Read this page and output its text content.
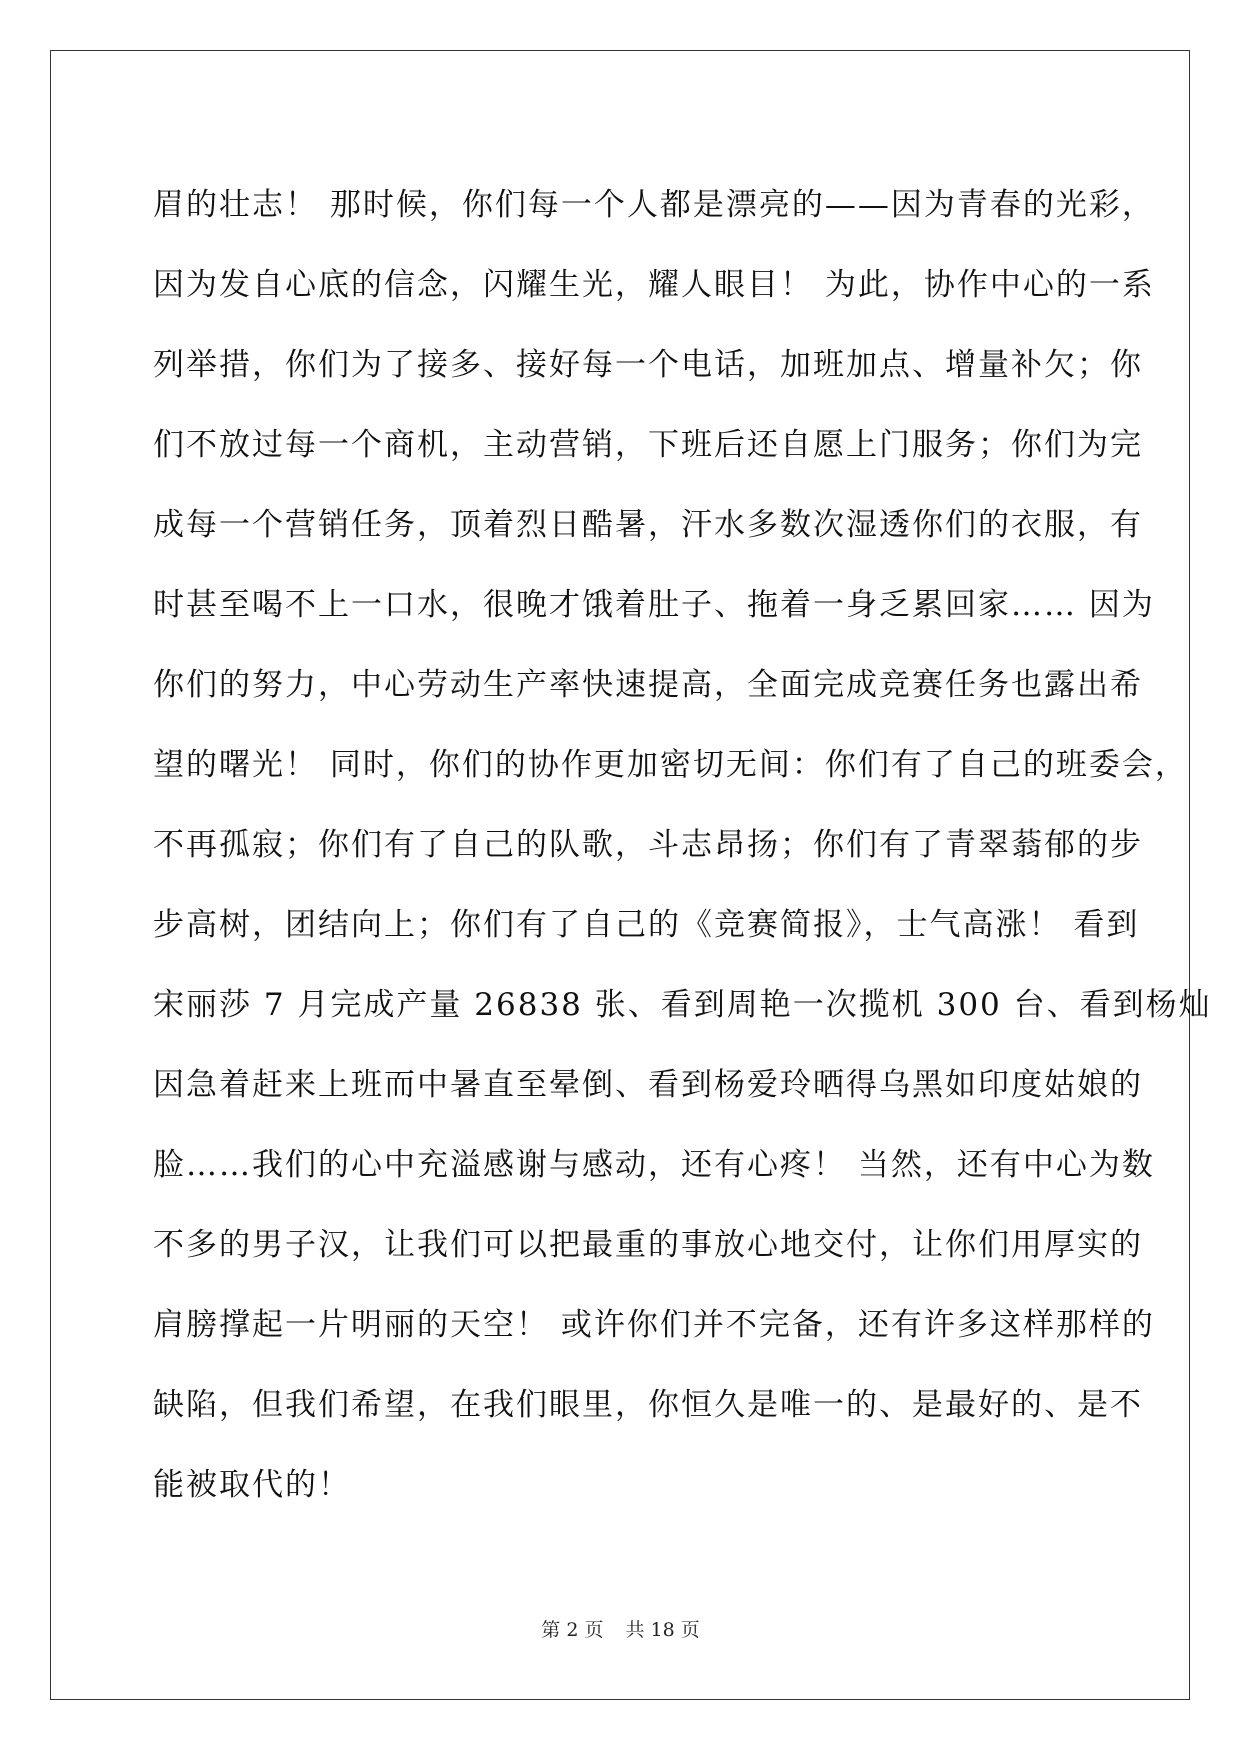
眉的壮志！ 那时候，你们每一个人都是漂亮的——因为青春的光彩，
因为发自心底的信念，闪耀生光，耀人眼目！ 为此，协作中心的一系
列举措，你们为了接多、接好每一个电话，加班加点、增量补欠；你
们不放过每一个商机，主动营销，下班后还自愿上门服务；你们为完
成每一个营销任务，顶着烈日酷暑，汗水多数次湿透你们的衣服，有
时甚至喝不上一口水，很晚才饿着肚子、拖着一身乏累回家…… 因为
你们的努力，中心劳动生产率快速提高，全面完成竞赛任务也露出希
望的曙光！ 同时，你们的协作更加密切无间：你们有了自己的班委会，
不再孤寂；你们有了自己的队歌，斗志昂扬；你们有了青翠蓊郁的步
步高树，团结向上；你们有了自己的《竞赛简报》，士气高涨！ 看到
宋丽莎 7 月完成产量 26838 张、看到周艳一次揽机 300 台、看到杨灿
因急着赶来上班而中暑直至晕倒、看到杨爱玲晒得乌黑如印度姑娘的
脸……我们的心中充溢感谢与感动，还有心疼！ 当然，还有中心为数
不多的男子汉，让我们可以把最重的事放心地交付，让你们用厚实的
肩膀撑起一片明丽的天空！ 或许你们并不完备，还有许多这样那样的
缺陷，但我们希望，在我们眼里，你恒久是唯一的、是最好的、是不
能被取代的！
第 2 页 共 18 页
